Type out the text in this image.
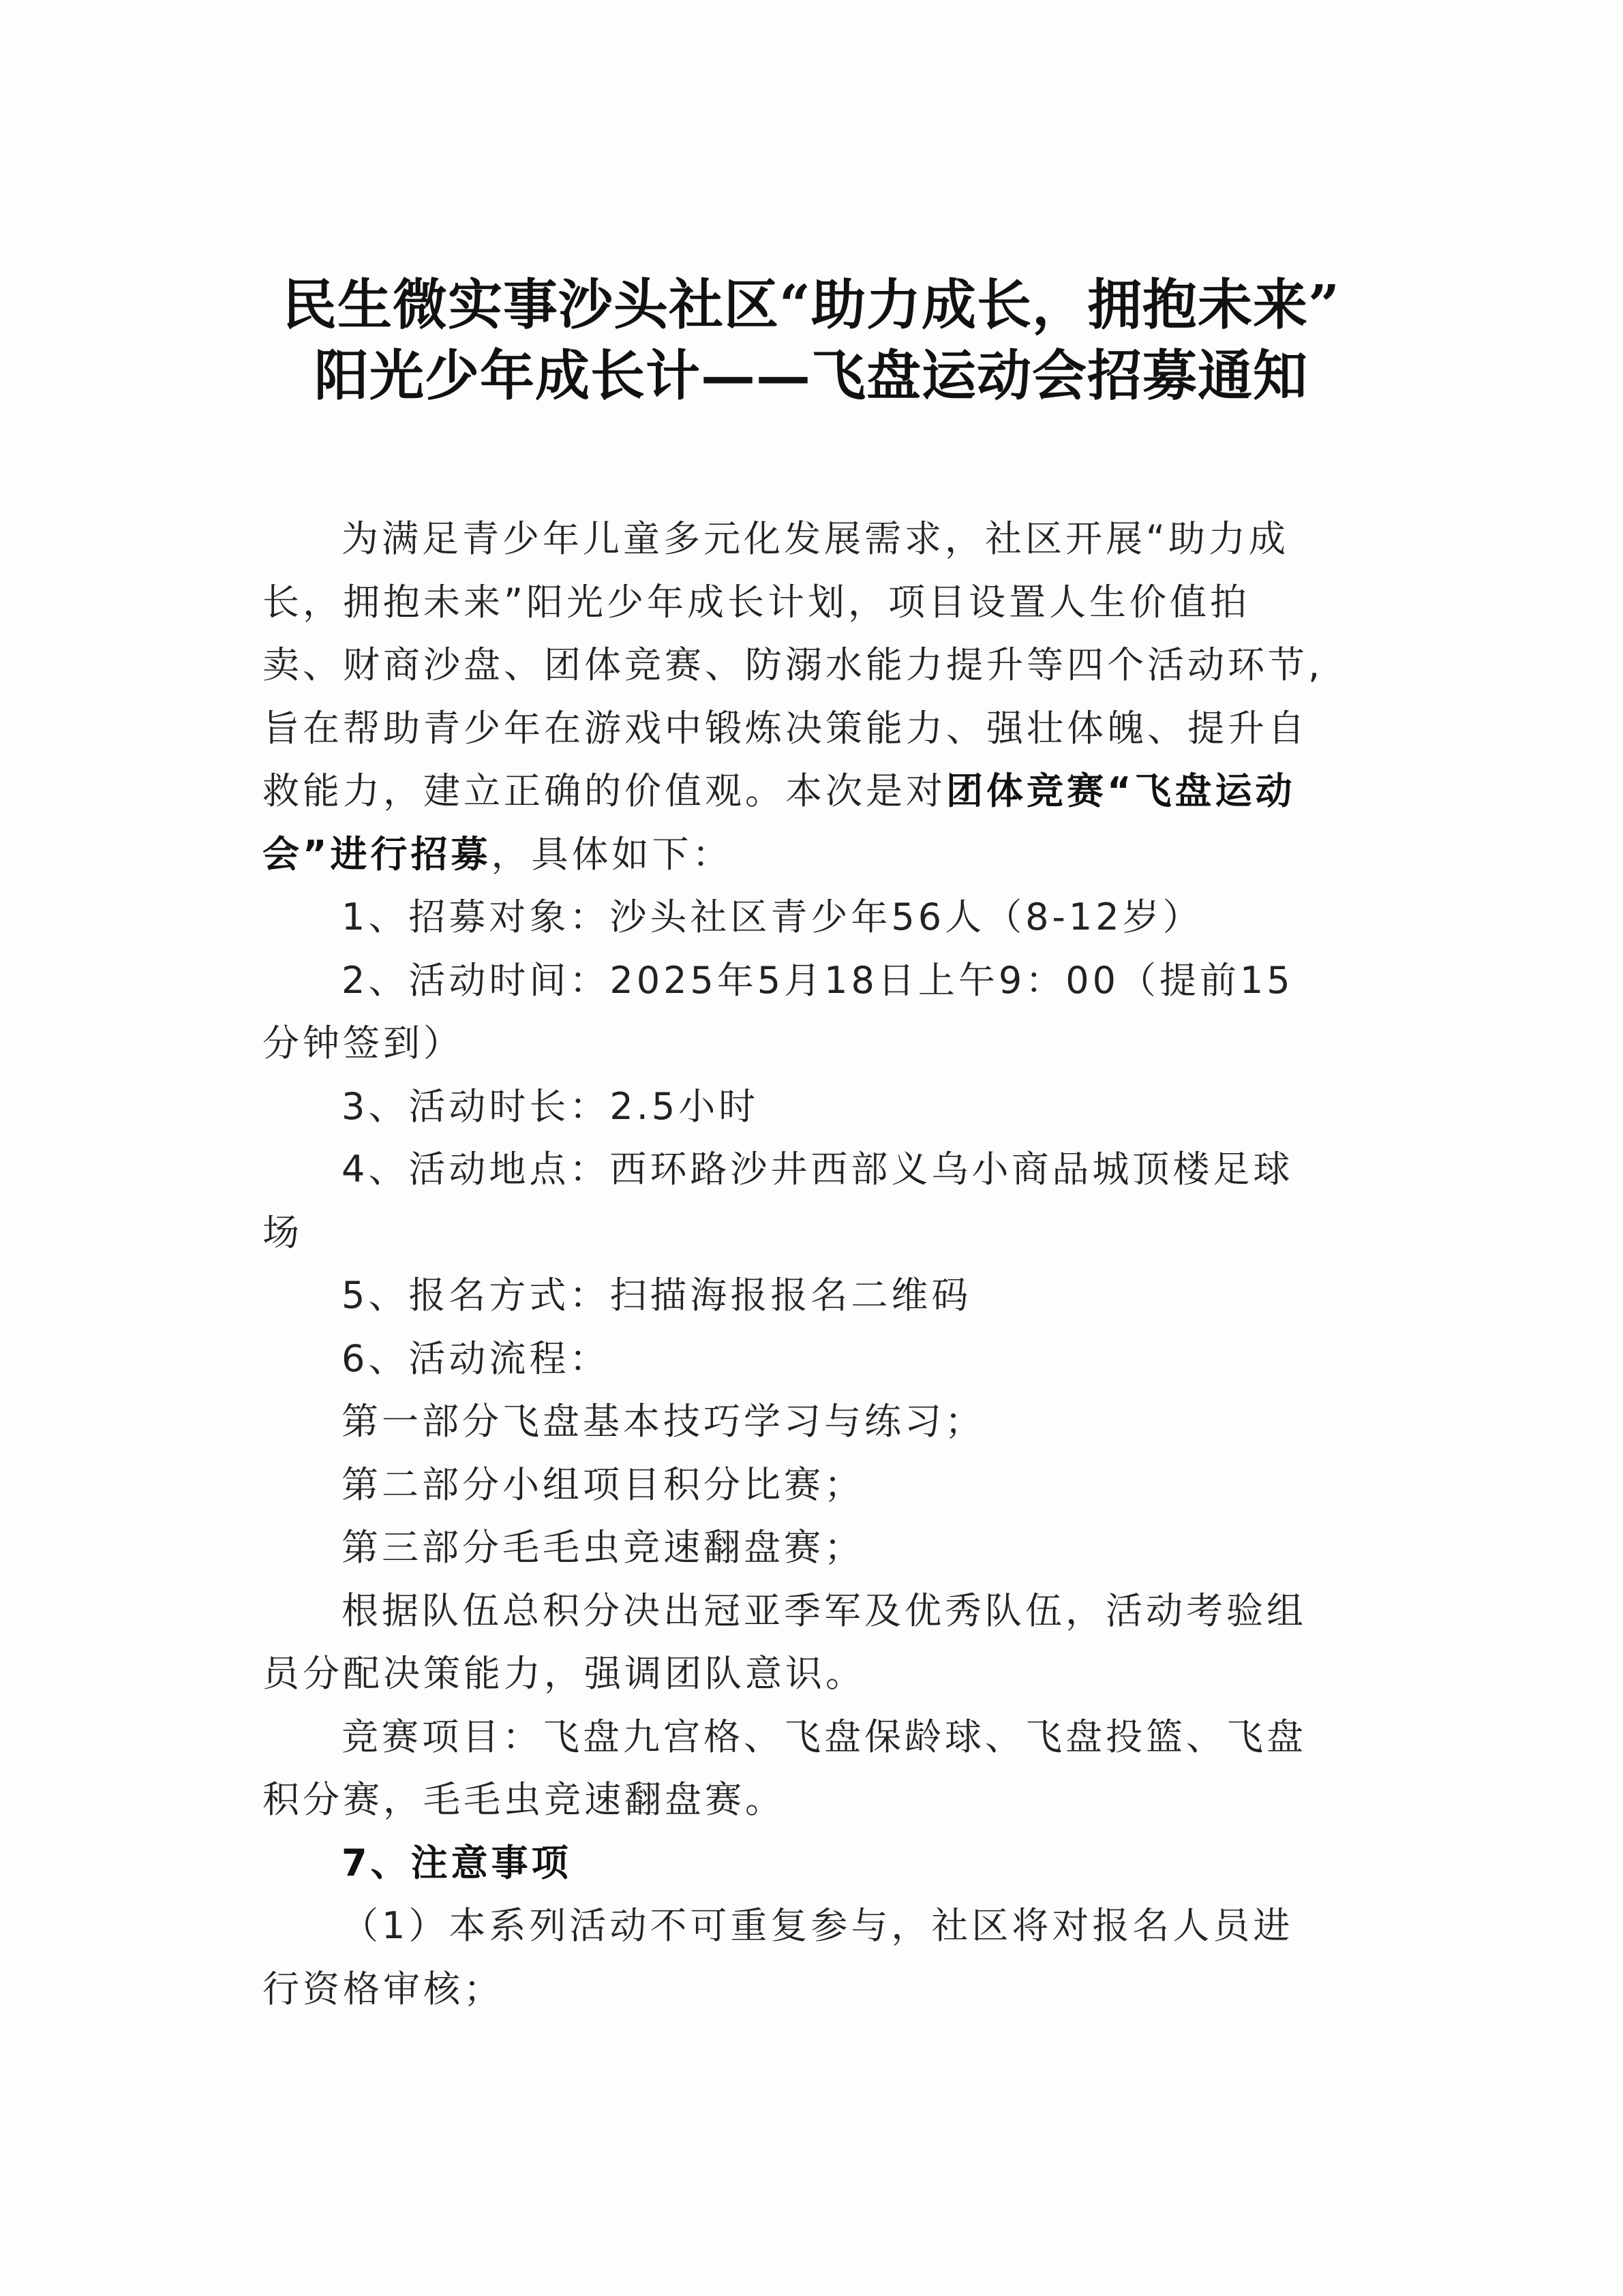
民生微实事沙头社区“助力成长，拥抱未来”
阳光少年成长计——飞盘运动会招募通知

为满足青少年儿童多元化发展需求，社区开展“助力成长，拥抱未来”阳光少年成长计划，项目设置人生价值拍卖、财商沙盘、团体竞赛、防溺水能力提升等四个活动环节,旨在帮助青少年在游戏中锻炼决策能力、强壮体魄、提升自救能力，建立正确的价值观。本次是对团体竞赛“飞盘运动会”进行招募，具体如下：

1、招募对象：沙头社区青少年56人（8-12岁）

2、活动时间：2025年5月18日上午9：00（提前15分钟签到）

3、活动时长：2.5小时

4、活动地点：西环路沙井西部义乌小商品城顶楼足球场

5、报名方式：扫描海报报名二维码

6、活动流程：

第一部分飞盘基本技巧学习与练习；

第二部分小组项目积分比赛；

第三部分毛毛虫竞速翻盘赛；

根据队伍总积分决出冠亚季军及优秀队伍，活动考验组员分配决策能力，强调团队意识。

竞赛项目：飞盘九宫格、飞盘保龄球、飞盘投篮、飞盘积分赛，毛毛虫竞速翻盘赛。

7、注意事项

（1）本系列活动不可重复参与，社区将对报名人员进行资格审核；
